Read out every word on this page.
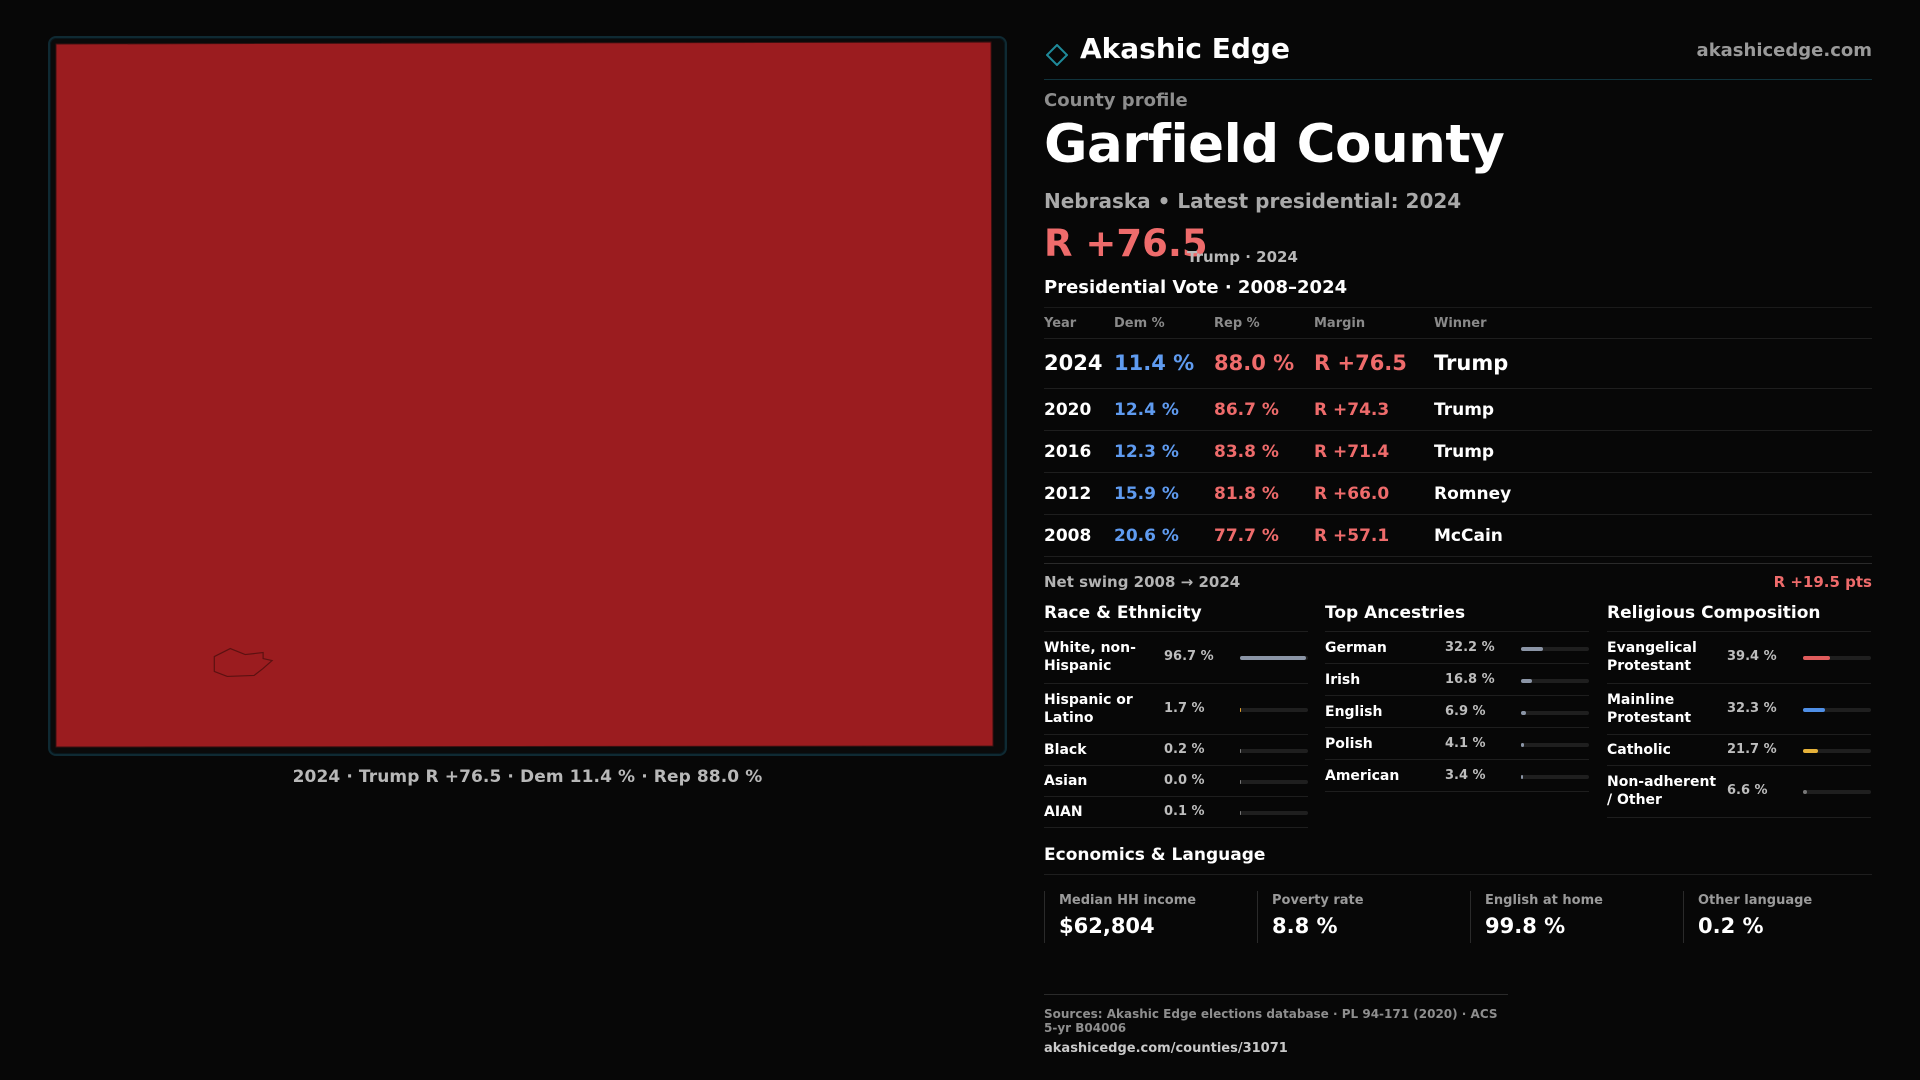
2024 · Trump R +76.5 · Dem 11.4 % · Rep 88.0 %
Akashic Edge	akashicedge.com
County profile
Garfield County
Nebraska • Latest presidential: 2024
R +76.5
Trump · 2024
Presidential Vote · 2008–2024
Year	Dem %	Rep %	Margin	Winner
2024 11.4 % 88.0 % R +76.5 Trump
2020 12.4 % 86.7 % R +74.3	Trump
2016 12.3 % 83.8 % R +71.4	Trump
2012 15.9 % 81.8 % R +66.0	Romney
2008 20.6 % 77.7 % R +57.1	McCain
Net swing 2008 → 2024	R +19.5 pts
Race & Ethnicity
White, non-Hispanic
96.7 %
Hispanic or Latino
1.7 %
Black	0.2 %
Asian	0.0 %
AIAN	0.1 %
Top Ancestries
German	32.2 %
Irish	16.8 %
English	6.9 %
Polish	4.1 %
American	3.4 %
Religious Composition
Evangelical Protestant
39.4 %
Mainline Protestant
32.3 %
Catholic	21.7 %
Non-adherent / Other
6.6 %
Economics & Language
Median HH income
$62,804
Poverty rate
8.8 %
English at home
99.8 %
Other language
0.2 %
Sources: Akashic Edge elections database · PL 94-171 (2020) · ACS 5-yr B04006
akashicedge.com/counties/31071
